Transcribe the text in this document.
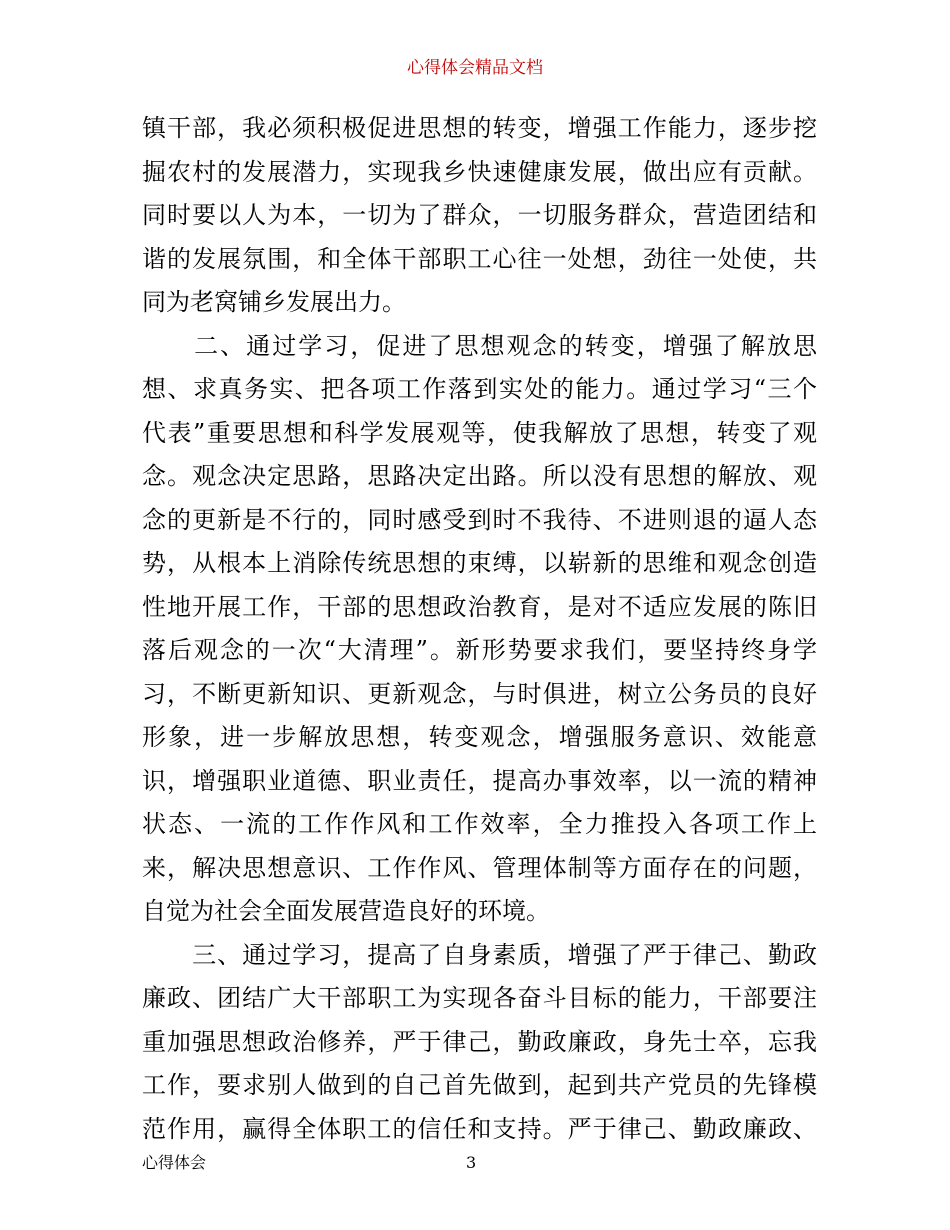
心得体会精品文档
镇干部，我必须积极促进思想的转变，增强工作能力，逐步挖
掘农村的发展潜力，实现我乡快速健康发展，做出应有贡献。
同时要以人为本，一切为了群众，一切服务群众，营造团结和
谐的发展氛围，和全体干部职工心往一处想，劲往一处使，共
同为老窝铺乡发展出力。
　　二、通过学习，促进了思想观念的转变，增强了解放思
想、求真务实、把各项工作落到实处的能力。通过学习“三个
代表”重要思想和科学发展观等，使我解放了思想，转变了观
念。观念决定思路，思路决定出路。所以没有思想的解放、观
念的更新是不行的，同时感受到时不我待、不进则退的逼人态
势，从根本上消除传统思想的束缚，以崭新的思维和观念创造
性地开展工作，干部的思想政治教育，是对不适应发展的陈旧
落后观念的一次“大清理”。新形势要求我们，要坚持终身学
习，不断更新知识、更新观念，与时俱进，树立公务员的良好
形象，进一步解放思想，转变观念，增强服务意识、效能意
识，增强职业道德、职业责任，提高办事效率，以一流的精神
状态、一流的工作作风和工作效率，全力推投入各项工作上
来，解决思想意识、工作作风、管理体制等方面存在的问题，
自觉为社会全面发展营造良好的环境。
　　三、通过学习，提高了自身素质，增强了严于律己、勤政
廉政、团结广大干部职工为实现各奋斗目标的能力，干部要注
重加强思想政治修养，严于律己，勤政廉政，身先士卒，忘我
工作，要求别人做到的自己首先做到，起到共产党员的先锋模
范作用，赢得全体职工的信任和支持。严于律己、勤政廉政、
心得体会	3
